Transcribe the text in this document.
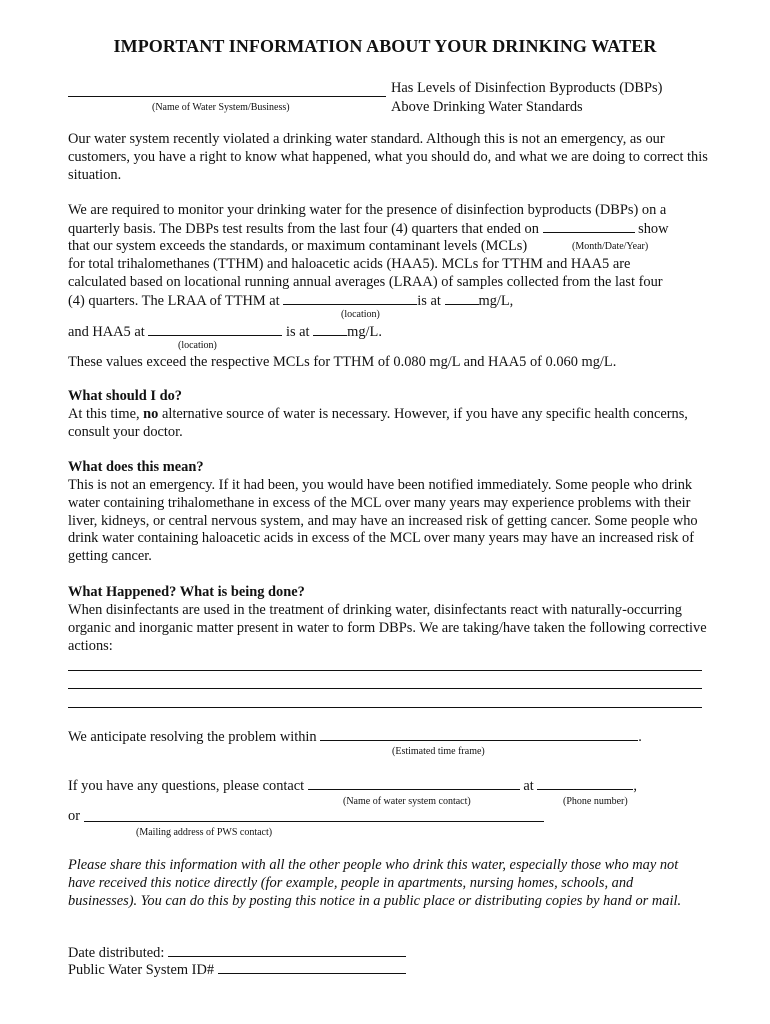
IMPORTANT INFORMATION ABOUT YOUR DRINKING WATER
Has Levels of Disinfection Byproducts (DBPs)
Above Drinking Water Standards
(Name of Water System/Business)
Our water system recently violated a drinking water standard. Although this is not an emergency, as our customers, you have a right to know what happened, what you should do, and what we are doing to correct this situation.
We are required to monitor your drinking water for the presence of disinfection byproducts (DBPs) on a
quarterly basis. The DBPs test results from the last four (4) quarters that ended on	show
that our system exceeds the standards, or maximum contaminant levels (MCLs)	(Month/Date/Year)
for total trihalomethanes (TTHM) and haloacetic acids (HAA5). MCLs for TTHM and HAA5 are
calculated based on locational running annual averages (LRAA) of samples collected from the last four
(4) quarters. The LRAA of TTHM at	is at	mg/L,
(location)
and HAA5 at	is at	mg/L.
(location)
These values exceed the respective MCLs for TTHM of 0.080 mg/L and HAA5 of 0.060 mg/L.
What should I do?
At this time, no alternative source of water is necessary. However, if you have any specific health concerns, consult your doctor.
What does this mean?
This is not an emergency. If it had been, you would have been notified immediately. Some people who drink water containing trihalomethane in excess of the MCL over many years may experience problems with their liver, kidneys, or central nervous system, and may have an increased risk of getting cancer. Some people who drink water containing haloacetic acids in excess of the MCL over many years may have an increased risk of getting cancer.
What Happened? What is being done?
When disinfectants are used in the treatment of drinking water, disinfectants react with naturally-occurring organic and inorganic matter present in water to form DBPs. We are taking/have taken the following corrective actions:
We anticipate resolving the problem within	.
(Estimated time frame)
If you have any questions, please contact	at	,
(Name of water system contact)	(Phone number)
or
(Mailing address of PWS contact)
Please share this information with all the other people who drink this water, especially those who may not have received this notice directly (for example, people in apartments, nursing homes, schools, and businesses). You can do this by posting this notice in a public place or distributing copies by hand or mail.
Date distributed:
Public Water System ID#
